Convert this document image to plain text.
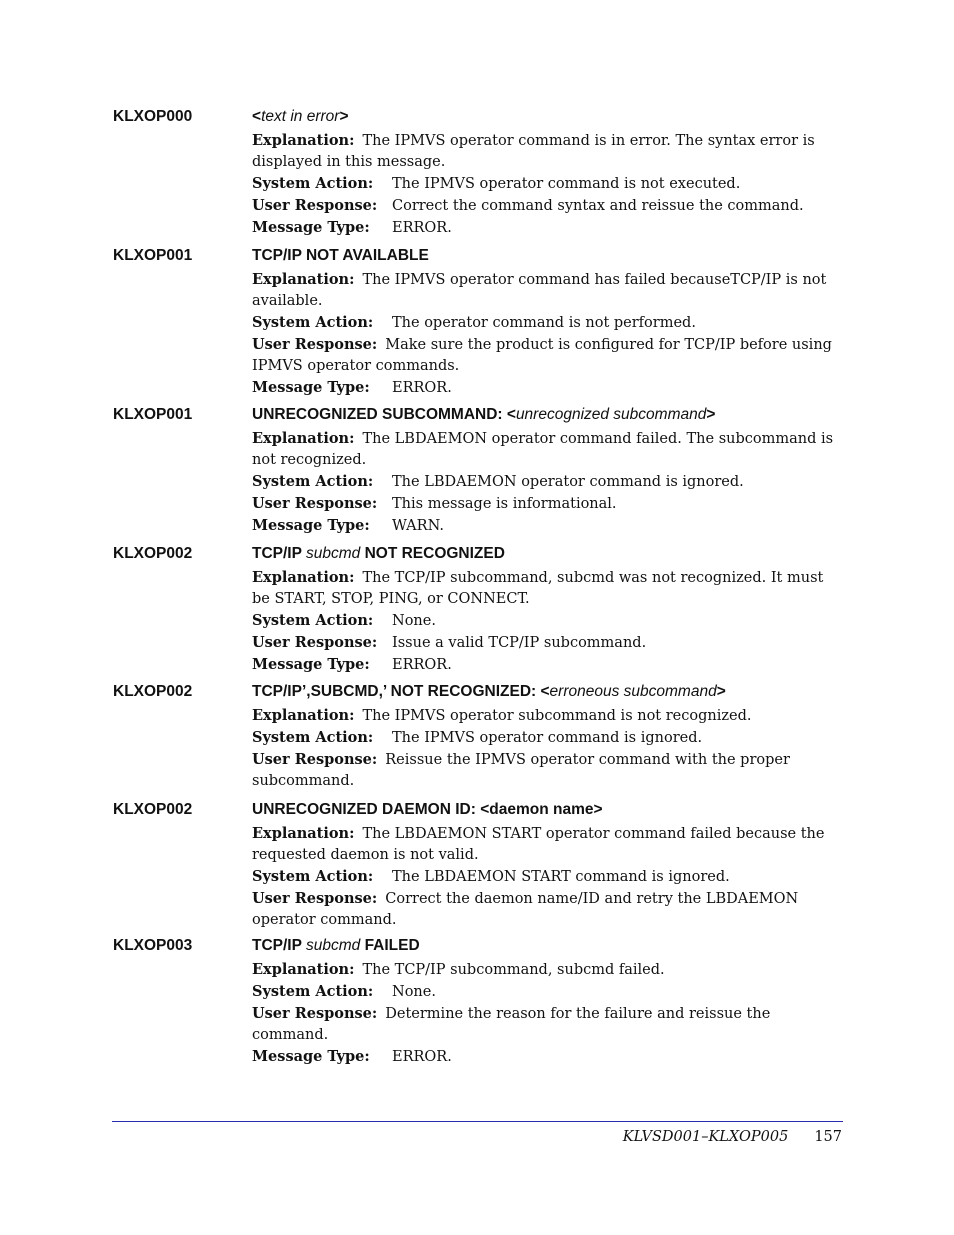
KLXOP000	<text in error>
Explanation: The IPMVS operator command is in error. The syntax error is displayed in this message.
System Action: The IPMVS operator command is not executed.
User Response: Correct the command syntax and reissue the command.
Message Type: ERROR.
KLXOP001	TCP/IP NOT AVAILABLE
Explanation: The IPMVS operator command has failed becauseTCP/IP is not available.
System Action: The operator command is not performed.
User Response: Make sure the product is configured for TCP/IP before using IPMVS operator commands.
Message Type: ERROR.
KLXOP001	UNRECOGNIZED SUBCOMMAND: <unrecognized subcommand>
Explanation: The LBDAEMON operator command failed. The subcommand is not recognized.
System Action: The LBDAEMON operator command is ignored.
User Response: This message is informational.
Message Type: WARN.
KLXOP002	TCP/IP subcmd NOT RECOGNIZED
Explanation: The TCP/IP subcommand, subcmd was not recognized. It must be START, STOP, PING, or CONNECT.
System Action: None.
User Response: Issue a valid TCP/IP subcommand.
Message Type: ERROR.
KLXOP002	TCP/IP’,SUBCMD,’ NOT RECOGNIZED: <erroneous subcommand>
Explanation: The IPMVS operator subcommand is not recognized.
System Action: The IPMVS operator command is ignored.
User Response: Reissue the IPMVS operator command with the proper subcommand.
KLXOP002	UNRECOGNIZED DAEMON ID: <daemon name>
Explanation: The LBDAEMON START operator command failed because the requested daemon is not valid.
System Action: The LBDAEMON START command is ignored.
User Response: Correct the daemon name/ID and retry the LBDAEMON operator command.
KLXOP003	TCP/IP subcmd FAILED
Explanation: The TCP/IP subcommand, subcmd failed.
System Action: None.
User Response: Determine the reason for the failure and reissue the command.
Message Type: ERROR.
KLVSD001–KLXOP005 157
